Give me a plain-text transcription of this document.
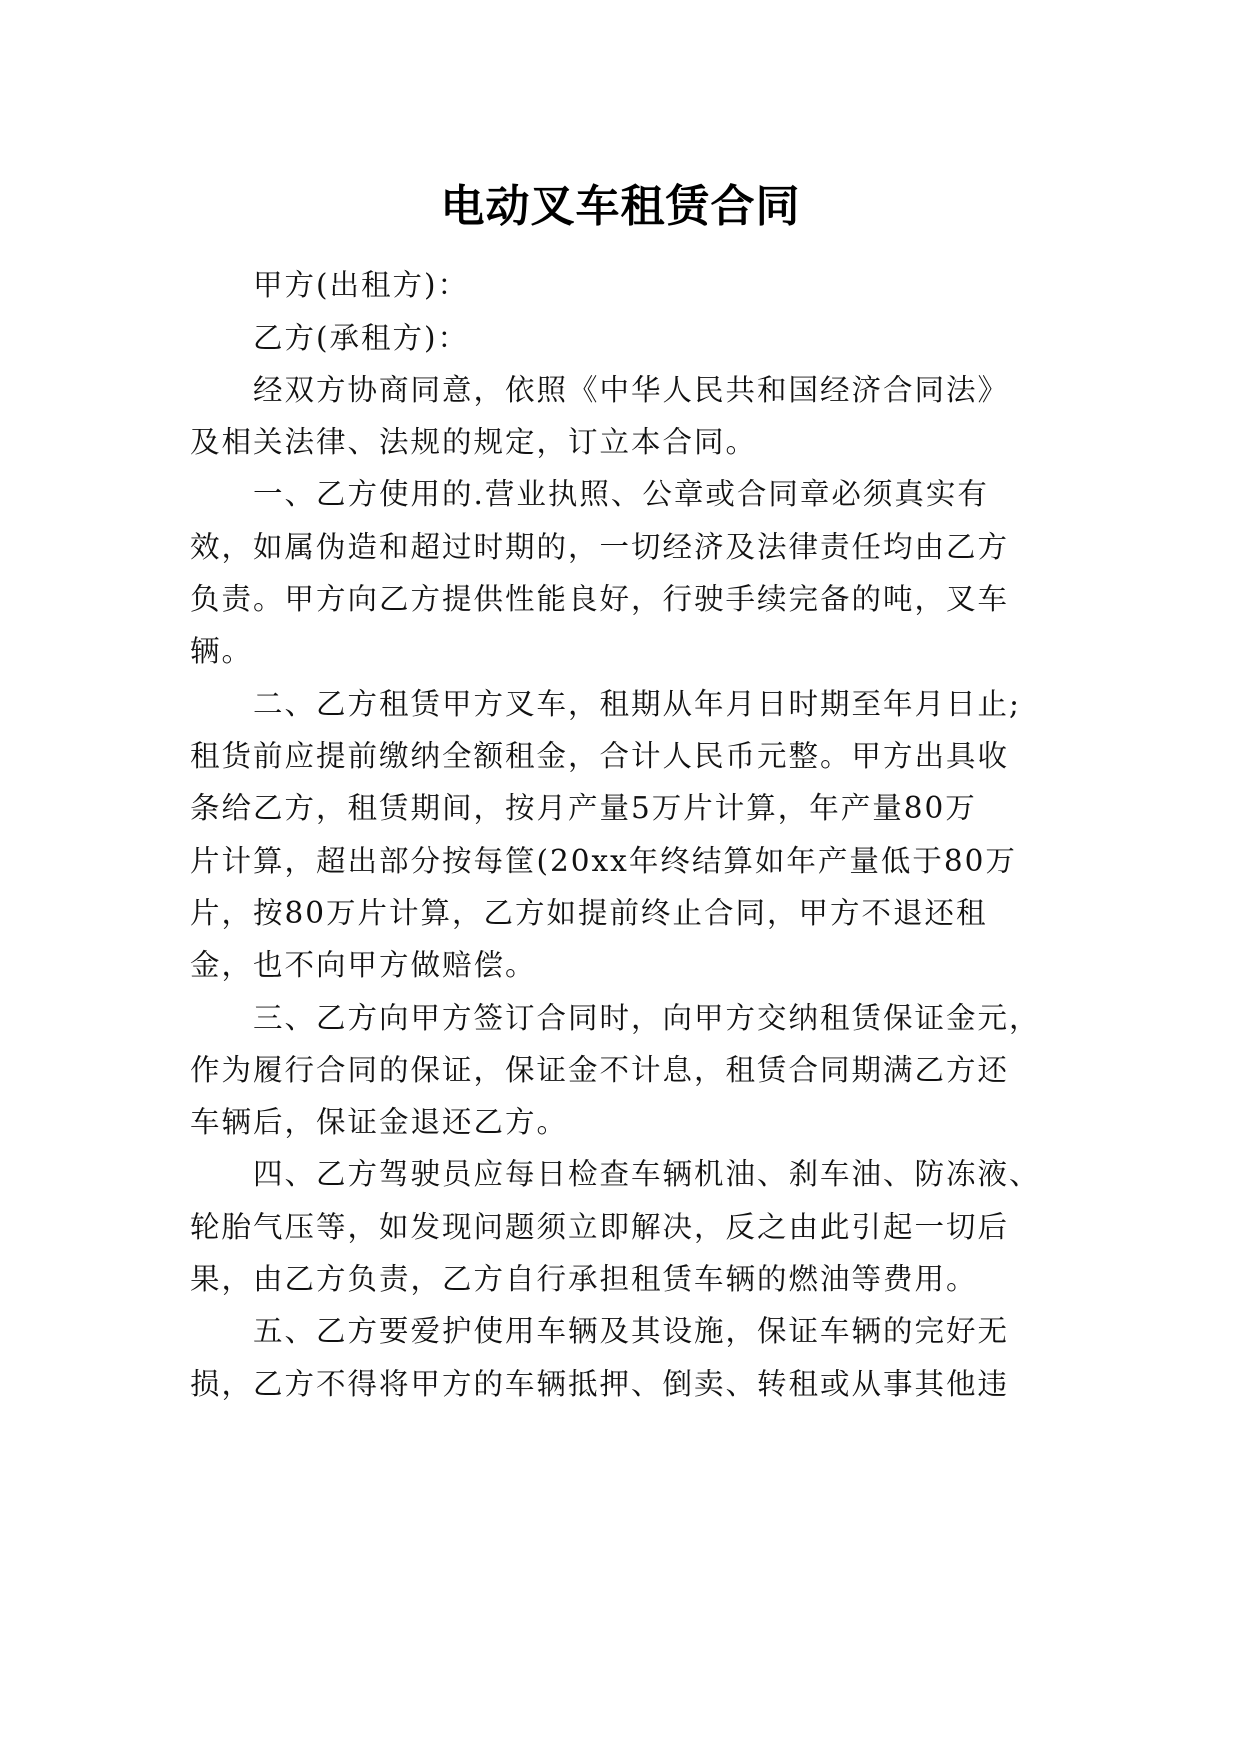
电动叉车租赁合同

甲方(出租方)：

乙方(承租方)：

经双方协商同意，依照《中华人民共和国经济合同法》

及相关法律、法规的规定，订立本合同。

一、乙方使用的.营业执照、公章或合同章必须真实有

效，如属伪造和超过时期的，一切经济及法律责任均由乙方

负责。甲方向乙方提供性能良好，行驶手续完备的吨，叉车

辆。

二、乙方租赁甲方叉车，租期从年月日时期至年月日止;

租货前应提前缴纳全额租金，合计人民币元整。甲方出具收

条给乙方，租赁期间，按月产量5万片计算，年产量80万

片计算，超出部分按每筐(20xx年终结算如年产量低于80万

片，按80万片计算，乙方如提前终止合同，甲方不退还租

金，也不向甲方做赔偿。

三、乙方向甲方签订合同时，向甲方交纳租赁保证金元，

作为履行合同的保证，保证金不计息，租赁合同期满乙方还

车辆后，保证金退还乙方。

四、乙方驾驶员应每日检查车辆机油、刹车油、防冻液、

轮胎气压等，如发现问题须立即解决，反之由此引起一切后

果，由乙方负责，乙方自行承担租赁车辆的燃油等费用。

五、乙方要爱护使用车辆及其设施，保证车辆的完好无

损，乙方不得将甲方的车辆抵押、倒卖、转租或从事其他违
